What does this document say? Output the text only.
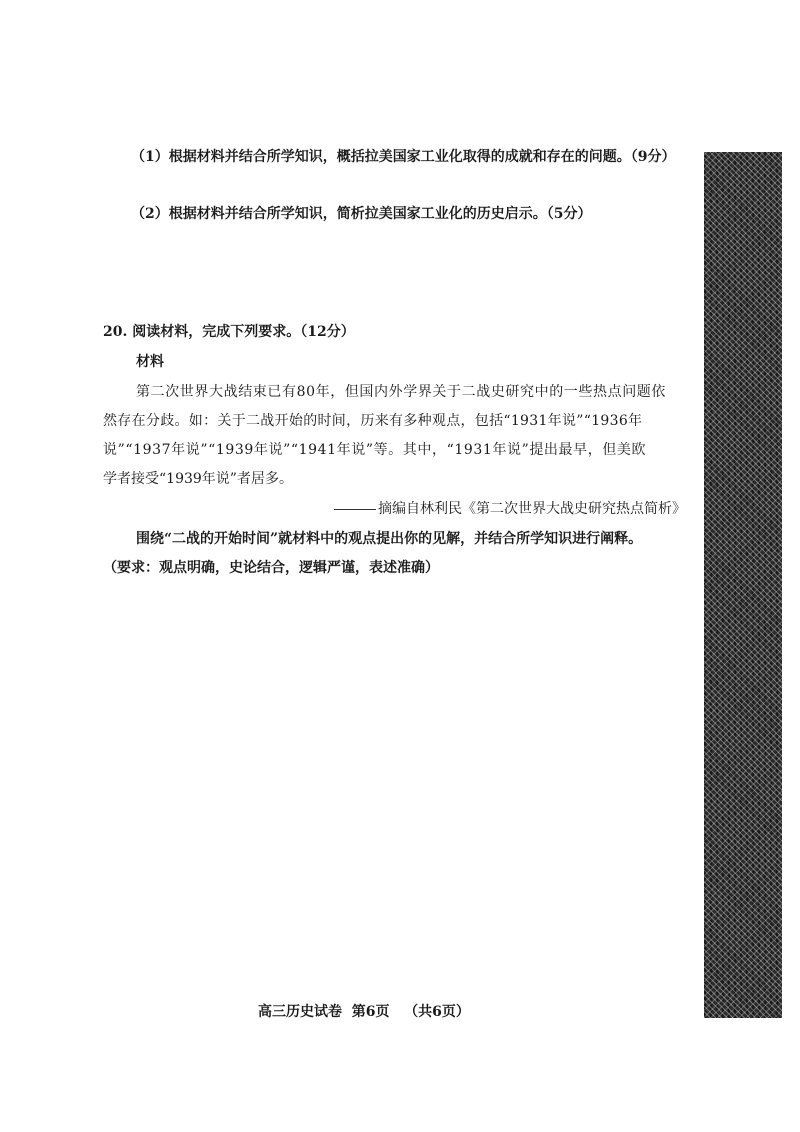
（1）根据材料并结合所学知识，概括拉美国家工业化取得的成就和存在的问题。（9分）
（2）根据材料并结合所学知识，简析拉美国家工业化的历史启示。（5分）
20. 阅读材料，完成下列要求。（12分）
材料
第二次世界大战结束已有80年，但国内外学界关于二战史研究中的一些热点问题依
然存在分歧。如：关于二战开始的时间，历来有多种观点，包括“1931年说”“1936年
说”“1937年说”“1939年说”“1941年说”等。其中，“1931年说”提出最早，但美欧
学者接受“1939年说”者居多。
摘编自林利民《第二次世界大战史研究热点简析》
围绕“二战的开始时间”就材料中的观点提出你的见解，并结合所学知识进行阐释。
（要求：观点明确，史论结合，逻辑严谨，表述准确）
高三历史试卷  第6页   （共6页）
